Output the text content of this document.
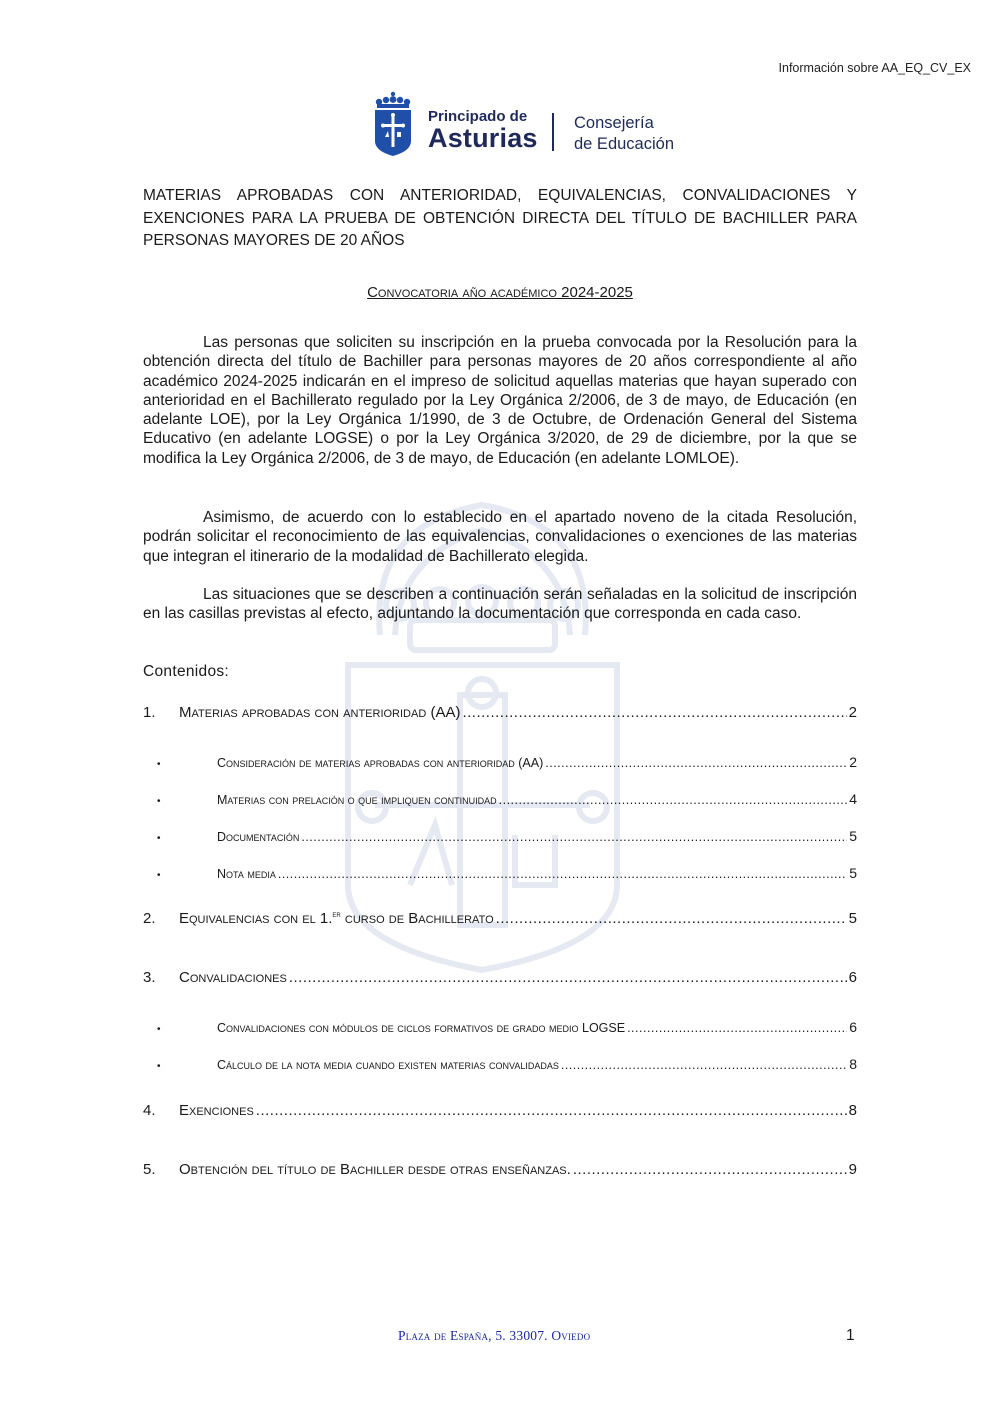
Información sobre AA_EQ_CV_EX
Principado de
Asturias Consejería
de Educación
MATERIAS APROBADAS CON ANTERIORIDAD, EQUIVALENCIAS, CONVALIDACIONES Y EXENCIONES PARA LA PRUEBA DE OBTENCIÓN DIRECTA DEL TÍTULO DE BACHILLER PARA PERSONAS MAYORES DE 20 AÑOS
Convocatoria año académico 2024-2025
Las personas que soliciten su inscripción en la prueba convocada por la Resolución para la obtención directa del título de Bachiller para personas mayores de 20 años correspondiente al año académico 2024-2025 indicarán en el impreso de solicitud aquellas materias que hayan superado con anterioridad en el Bachillerato regulado por la Ley Orgánica 2/2006, de 3 de mayo, de Educación (en adelante LOE), por la Ley Orgánica 1/1990, de 3 de Octubre, de Ordenación General del Sistema Educativo (en adelante LOGSE) o por la Ley Orgánica 3/2020, de 29 de diciembre, por la que se modifica la Ley Orgánica 2/2006, de 3 de mayo, de Educación (en adelante LOMLOE).
Asimismo, de acuerdo con lo establecido en el apartado noveno de la citada Resolución, podrán solicitar el reconocimiento de las equivalencias, convalidaciones o exenciones de las materias que integran el itinerario de la modalidad de Bachillerato elegida.
Las situaciones que se describen a continuación serán señaladas en la solicitud de inscripción en las casillas previstas al efecto, adjuntando la documentación que corresponda en cada caso.
Contenidos:
1.	Materias aprobadas con anterioridad (AA) .....	2
•	Consideración de materias aprobadas con anterioridad (AA) .....	2
•	Materias con prelación o que impliquen continuidad .....	4
•	Documentación .....	5
•	Nota media .....	5
2.	Equivalencias con el 1.$^{er}$ curso de Bachillerato .....	5
3.	Convalidaciones .....	6
•	Convalidaciones con módulos de ciclos formativos de grado medio LOGSE .....	6
•	Cálculo de la nota media cuando existen materias convalidadas .....	8
4.	Exenciones .....	8
5.	Obtención del título de Bachiller desde otras enseñanzas. .....	9
Plaza de España, 5. 33007. Oviedo	1
